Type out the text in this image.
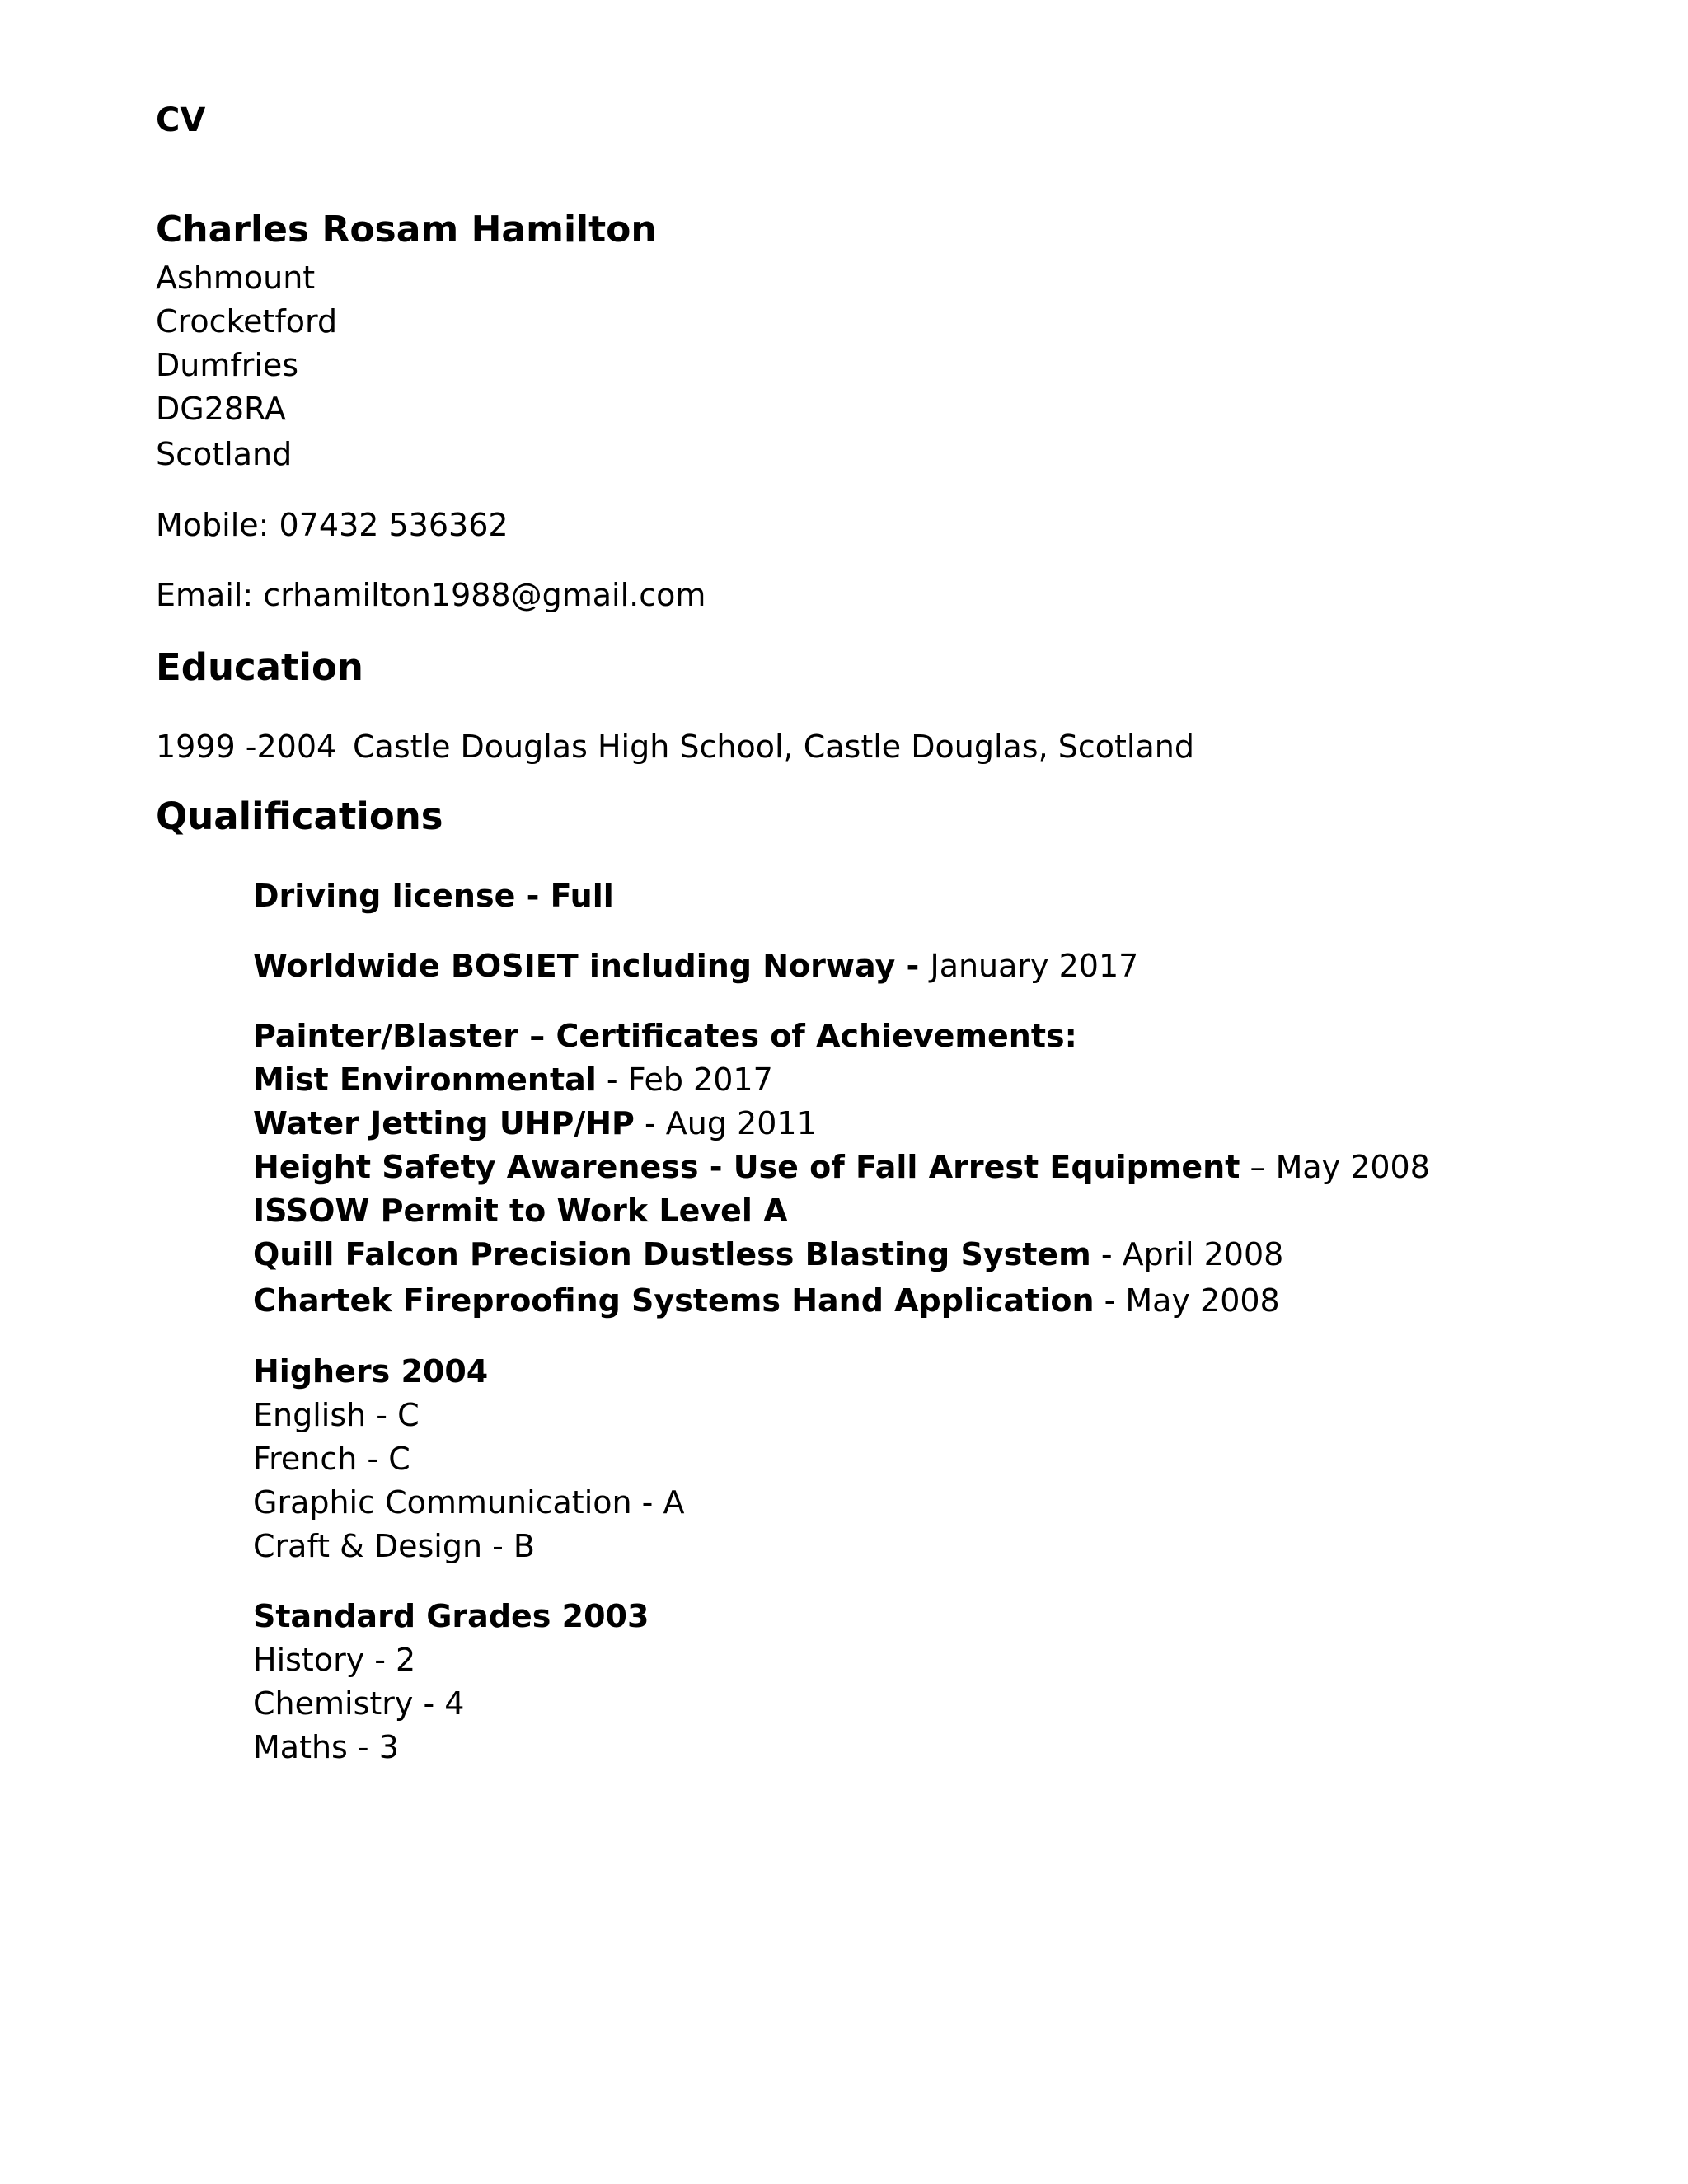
CV
Charles Rosam Hamilton
Ashmount
Crocketford
Dumfries
DG28RA
Scotland
Mobile: 07432 536362
Email: crhamilton1988@gmail.com
Education
1999 -2004 Castle Douglas High School, Castle Douglas, Scotland
Qualifications
Driving license - Full
Worldwide BOSIET including Norway - January 2017
Painter/Blaster – Certificates of Achievements:
Mist Environmental - Feb 2017
Water Jetting UHP/HP - Aug 2011
Height Safety Awareness - Use of Fall Arrest Equipment – May 2008
ISSOW Permit to Work Level A
Quill Falcon Precision Dustless Blasting System - April 2008
Chartek Fireproofing Systems Hand Application - May 2008
Highers 2004
English - C
French - C
Graphic Communication - A
Craft & Design - B
Standard Grades 2003
History - 2
Chemistry - 4
Maths - 3
